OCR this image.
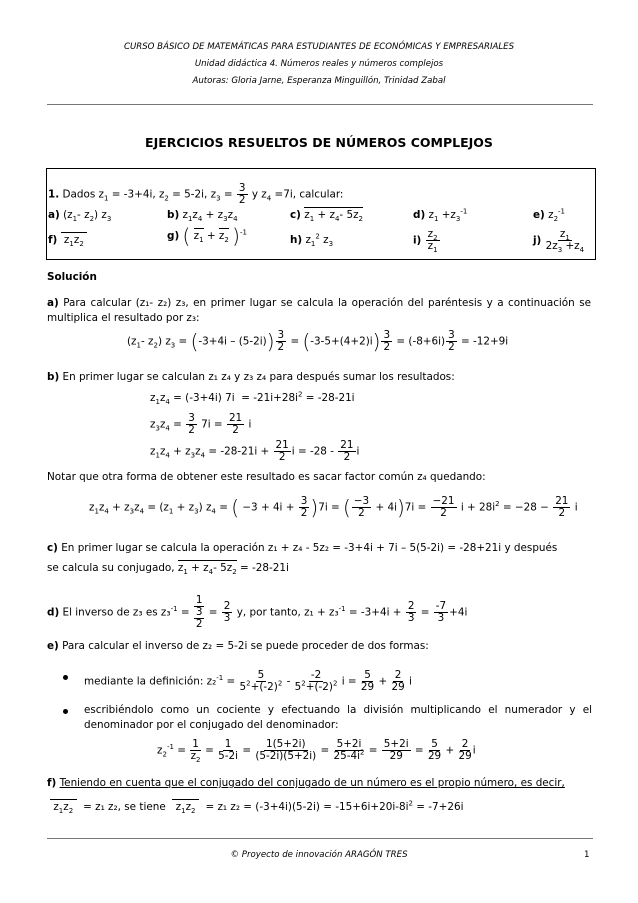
CURSO BÁSICO DE MATEMÁTICAS PARA ESTUDIANTES DE ECONÓMICAS Y EMPRESARIALES
Unidad didáctica 4. Números reales y números complejos
Autoras: Gloria Jarne, Esperanza Minguillón, Trinidad Zabal
EJERCICIOS RESUELTOS DE NÚMEROS COMPLEJOS
1. Dados $z_1 = -3+4i$, $z_2 = 5-2i$, $z_3 = \frac{3}{2}$ y $z_4 =7i$, calcular:
a) ($z_1-$ $z_2$) $z_3$	b) $z_1z_4 + z_3z_4$	c) $z_1 + z_4-$ $5z_2$	d) $z_1 +z_3^{-1}$	e) $z_2^{-1}$
f) $z_1z_2$
g) ( $z_1 + z_2$ )$^{-1}$
h) $z_1^2$ $z_3$	$i) \frac{z_2}{z_1}$	$j) \frac{z_1}{2z_3 +z_4}$
Solución
a) Para calcular (z₁- z₂) z₃, en primer lugar se calcula la operación del paréntesis y a continuación se multiplica el resultado por z₃:
($z_1-$ $z_2$) $z_3 = (-3+4i - (5-2i)) \frac{3}{2} = (-3-5+(4+2)i) \frac{3}{2} = (-8+6i) \frac{3}{2} = -12+9i$
b) En primer lugar se calculan z₁ z₄ y z₃ z₄ para después sumar los resultados:
$z_1z_4 = (-3+4i) 7i = -21i+28i^2 = -28-21i$
$z_3z_4 = \frac{3}{2} 7i = \frac{21}{2}$ i
$z_1z_4 + z_3z_4 = -28-21i + \frac{21}{2}$ $i = -28 - \frac{21}{2}$ i
Notar que otra forma de obtener este resultado es sacar factor común z₄ quedando:
$z_1z_4 + z_3z_4 = (z_1 + z_3) z_4$ = ( $-3 + 4i + \frac{3}{2} )7i$ = ( $\frac{-3}{2} + 4i)7i = \frac{-21}{2}$ $i + 28i^2 = -28 - \frac{21}{2}$ i
c) En primer lugar se calcula la operación z₁ + z₄ - 5z₂ = -3+4i + 7i – 5(5-2i) = -28+21i y después
se calcula su conjugado, $z_1 + z_4-$ $5z_2 = -28-21i$
d) El inverso de z₃ es z₃$^{-1}$ =
1
3
2
= $\frac{2}{3} y$, por tanto, $z_1 + z_3^{-1} = -3+4i + \frac{2}{3} = \frac{-7}{3} +4i$
e) Para calcular el inverso de z₂ = 5-2i se puede proceder de dos formas:
mediante la definición: $z_2^{-1} = \frac{5}{5^2+(-2)^2} - \frac{-2}{5^2+(-2)^2}$ $i = \frac{5}{29} + \frac{2}{29}$ i
escribiéndolo como un cociente y efectuando la división multiplicando el numerador y el denominador por el conjugado del denominador:
$z_2^{-1} = \frac{1}{z_2} = \frac{1}{5-2i} = \frac{1(5+2i)}{(5-2i)(5+2i)} = \frac{5+2i}{25-4i^2} = \frac{5+2i}{29} = \frac{5}{29} + \frac{2}{29}$ i
f) Teniendo en cuenta que el conjugado del conjugado de un número es el propio número, es decir,
$z_1z_2 = z_1$ z₂, se tiene $z_1z_2 = z_1$ $z_2 = (-3+4i)(5-2i) = -15+6i+20i-8i^2 = -7+26i$
© Proyecto de innovación ARAGÓN TRES	1
